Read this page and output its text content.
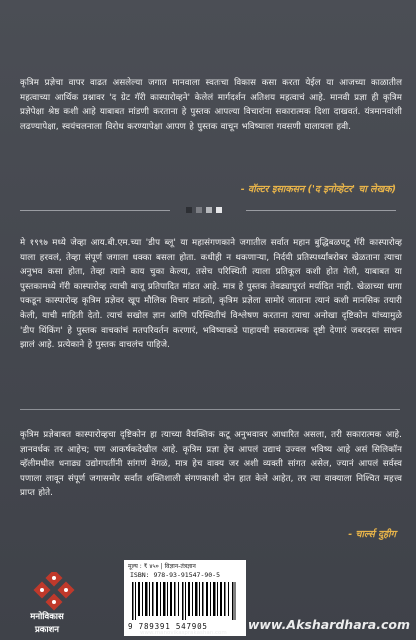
कृत्रिम प्रज्ञेचा वापर वाढत असलेल्या जगात मानवाला स्वतःचा विकास कसा करता येईल या आजच्या काळातील महत्वाच्या आर्थिक प्रश्नावर 'द ग्रेट गॅरी कास्पारोव्हने' केलेलं मार्गदर्शन अतिशय महत्वाचं आहे. मानवी प्रज्ञा ही कृत्रिम प्रज्ञेपेक्षा श्रेष्ठ कशी आहे याबाबत मांडणी करताना हे पुस्तक आपल्या विचारांना सकारात्मक दिशा दाखवतं. यंत्रमानवांशी लढण्यापेक्षा, स्वयंचलनाला विरोध करण्यापेक्षा आपण हे पुस्तक वाचून भविष्याला गवसणी घालायला हवी.

- वॉल्टर इसाकसन ('द इनोव्हेटर' चा लेखक)

मे १९९७ मध्ये जेव्हा आय.बी.एम.च्या 'डीप ब्लू' या महासंगणकाने जगातील सर्वात महान बुद्धिबळपटू गॅरी कास्पारोव्ह याला हरवलं, तेव्हा संपूर्ण जगाला धक्का बसला होता. कधीही न थकणाऱ्या, निर्दयी प्रतिस्पर्ध्यांबरोबर खेळताना त्याचा अनुभव कसा होता, तेव्हा त्याने काय चुका केल्या, तसेच परिस्थिती त्याला प्रतिकूल कशी होत गेली, याबाबत या पुस्तकामध्ये गॅरी कास्पारोव्ह त्याची बाजू प्रतिपादित मांडत आहे. मात्र हे पुस्तक तेवढ्यापुरतं मर्यादित नाही. खेळाच्या धागा पकडून कास्पारोव्ह कृत्रिम प्रज्ञेवर खूप मौलिक विचार मांडतो, कृत्रिम प्रज्ञेला सामोरं जाताना त्यानं कशी मानसिक तयारी केली, याची माहिती देतो. त्याचं सखोल ज्ञान आणि परिस्थितीचं विश्लेषण करताना त्याचा अनोखा दृष्टिकोन यांच्यामुळे 'डीप थिंकिंग' हे पुस्तक वाचकांचं मतपरिवर्तन करणारं, भविष्याकडे पाहायची सकारात्मक दृष्टी देणारं जबरदस्त साधन झालं आहे. प्रत्येकाने हे पुस्तक वाचलंच पाहिजे.

कृत्रिम प्रज्ञेबाबत कास्पारोव्हचा दृष्टिकोन हा त्याच्या वैयक्तिक कटू अनुभवावर आधारित असला, तरी सकारात्मक आहे. ज्ञानवर्धक तर आहेच; पण आकर्षकदेखील आहे. कृत्रिम प्रज्ञा हेच आपलं उद्याचं उज्वल भविष्य आहे असं सिलिकॉन व्हॅलीमधील धनाढ्य उद्योगपतींनी सांगणं वेगळं, मात्र हेच वाक्य जर अशी व्यक्ती सांगत असेल, ज्यानं आपलं सर्वस्व पणाला लावून संपूर्ण जगासमोर सर्वांत शक्तिशाली संगणकाशी दोन हात केले आहेत, तर त्या वाक्याला निश्चित महत्त्व प्राप्त होते.

- चार्ल्स दुहीग
मनोविकास
प्रकाशन
मूल्य : ₹ ४५० | विज्ञान-तंत्रज्ञान
ISBN: 978-93-91547-90-5
9 789391 547905
www.manovikasprakashan.com
www.Akshardhara.com
